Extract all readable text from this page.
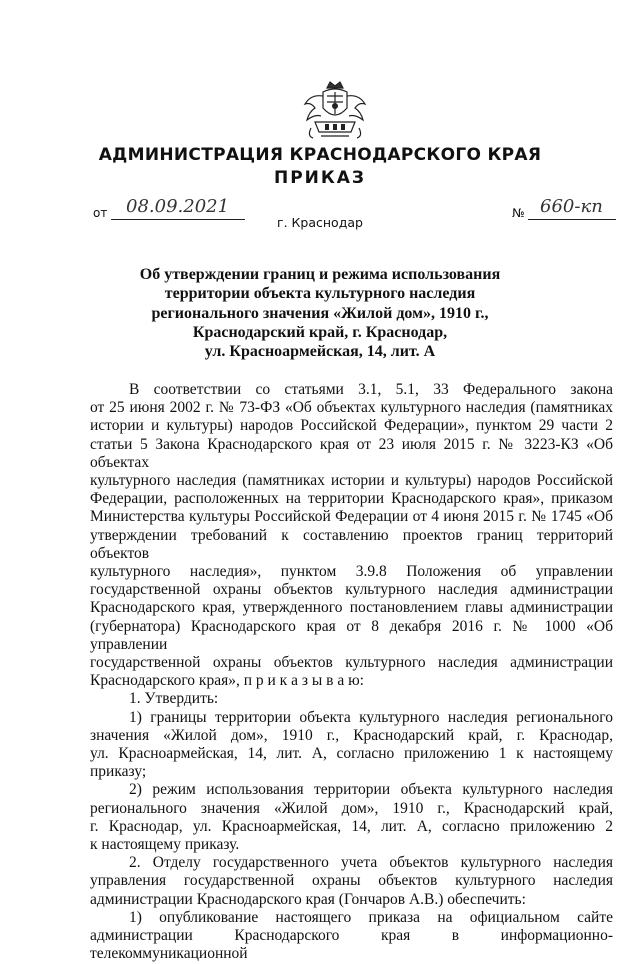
АДМИНИСТРАЦИЯ КРАСНОДАРСКОГО КРАЯ
ПРИКАЗ
от 08.09.2021
г. Краснодар
№ 660-кп
Об утверждении границ и режима использования
территории объекта культурного наследия
регионального значения «Жилой дом», 1910 г.,
Краснодарский край, г. Краснодар,
ул. Красноармейская, 14, лит. А

В соответствии со статьями 3.1, 5.1, 33 Федерального закона

от 25 июня 2002 г. № 73-ФЗ «Об объектах культурного наследия (памятниках

истории и культуры) народов Российской Федерации», пунктом 29 части 2

статьи 5 Закона Краснодарского края от 23 июля 2015 г. № 3223-КЗ «Об объектах

культурного наследия (памятниках истории и культуры) народов Российской

Федерации, расположенных на территории Краснодарского края», приказом

Министерства культуры Российской Федерации от 4 июня 2015 г. № 1745 «Об

утверждении требований к составлению проектов границ территорий объектов

культурного наследия», пунктом 3.9.8 Положения об управлении

государственной охраны объектов культурного наследия администрации

Краснодарского края, утвержденного постановлением главы администрации

(губернатора) Краснодарского края от 8 декабря 2016 г. № 1000 «Об управлении

государственной охраны объектов культурного наследия администрации

Краснодарского края», п р и к а з ы в а ю:

1. Утвердить:

1) границы территории объекта культурного наследия регионального

значения «Жилой дом», 1910 г., Краснодарский край, г. Краснодар,

ул. Красноармейская, 14, лит. А, согласно приложению 1 к настоящему приказу;

2) режим использования территории объекта культурного наследия

регионального значения «Жилой дом», 1910 г., Краснодарский край,

г. Краснодар, ул. Красноармейская, 14, лит. А, согласно приложению 2

к настоящему приказу.

2. Отделу государственного учета объектов культурного наследия

управления государственной охраны объектов культурного наследия

администрации Краснодарского края (Гончаров А.В.) обеспечить:

1) опубликование настоящего приказа на официальном сайте

администрации Краснодарского края в информационно-телекоммуникационной
